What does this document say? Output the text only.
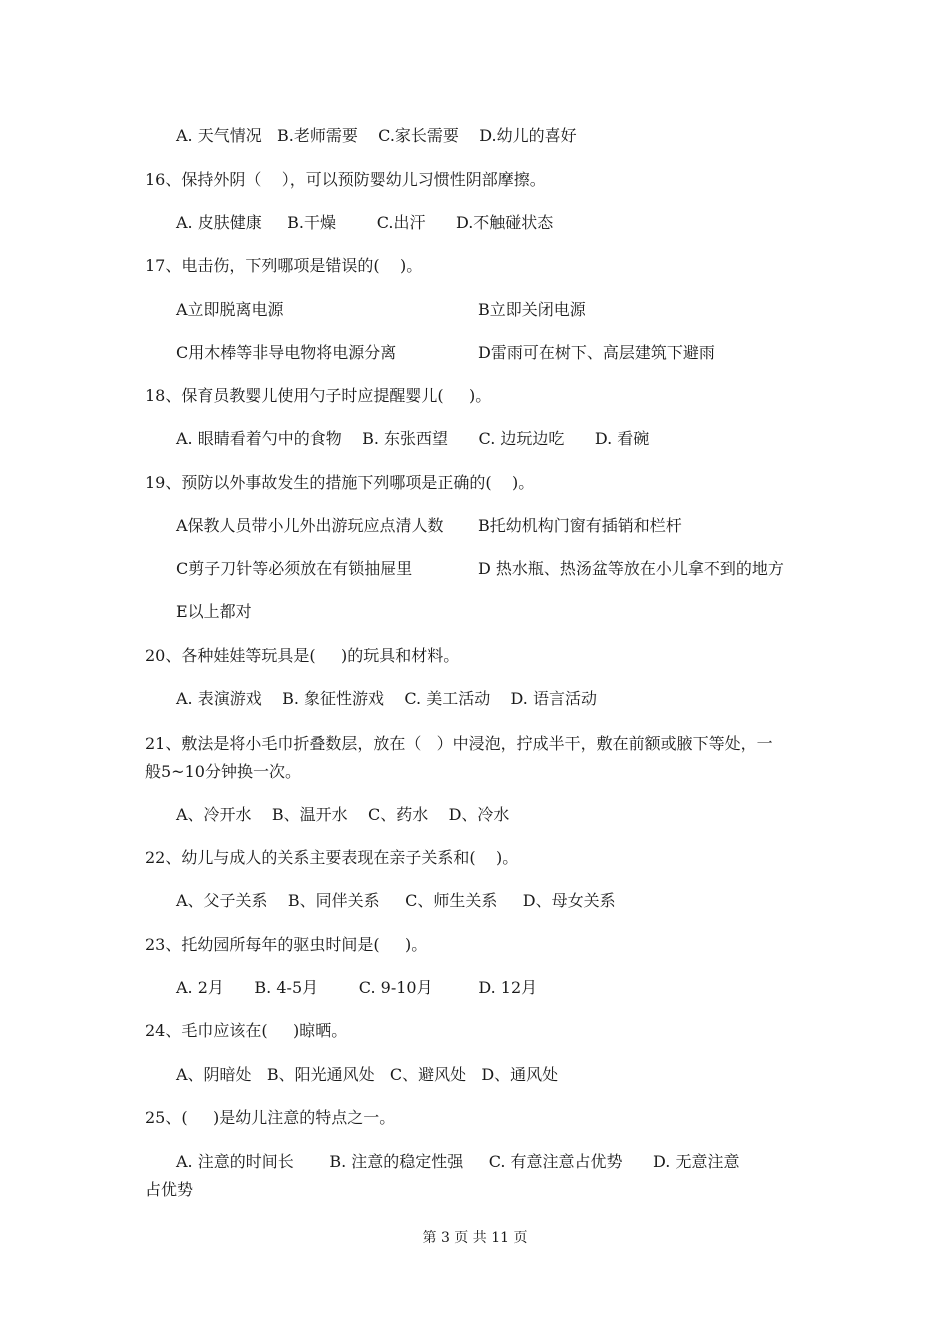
A. 天气情况   B.老师需要    C.家长需要    D.幼儿的喜好
16、保持外阴（    ），可以预防婴幼儿习惯性阴部摩擦。
A. 皮肤健康     B.干燥        C.出汗      D.不触碰状态
17、电击伤，下列哪项是错误的(    )。
A立即脱离电源	B立即关闭电源
C用木棒等非导电物将电源分离	D雷雨可在树下、高层建筑下避雨
18、保育员教婴儿使用勺子时应提醒婴儿(     )。
A. 眼睛看着勺中的食物    B. 东张西望      C. 边玩边吃      D. 看碗
19、预防以外事故发生的措施下列哪项是正确的(    )。
A保教人员带小儿外出游玩应点清人数 B托幼机构门窗有插销和栏杆
C剪子刀针等必须放在有锁抽屉里	D 热水瓶、热汤盆等放在小儿拿不到的地方
E以上都对
20、各种娃娃等玩具是(     )的玩具和材料。
A. 表演游戏    B. 象征性游戏    C. 美工活动    D. 语言活动
21、敷法是将小毛巾折叠数层，放在（   ）中浸泡，拧成半干，敷在前额或腋下等处，一
般5~10分钟换一次。
A、冷开水    B、温开水    C、药水    D、冷水
22、幼儿与成人的关系主要表现在亲子关系和(    )。
A、父子关系    B、同伴关系     C、师生关系     D、母女关系
23、托幼园所每年的驱虫时间是(     )。
A. 2月      B. 4-5月        C. 9-10月         D. 12月
24、毛巾应该在(     )晾晒。
A、阴暗处   B、阳光通风处   C、避风处   D、通风处
25、(     )是幼儿注意的特点之一。
A. 注意的时间长       B. 注意的稳定性强     C. 有意注意占优势      D. 无意注意
占优势
第 3 页 共 11 页
